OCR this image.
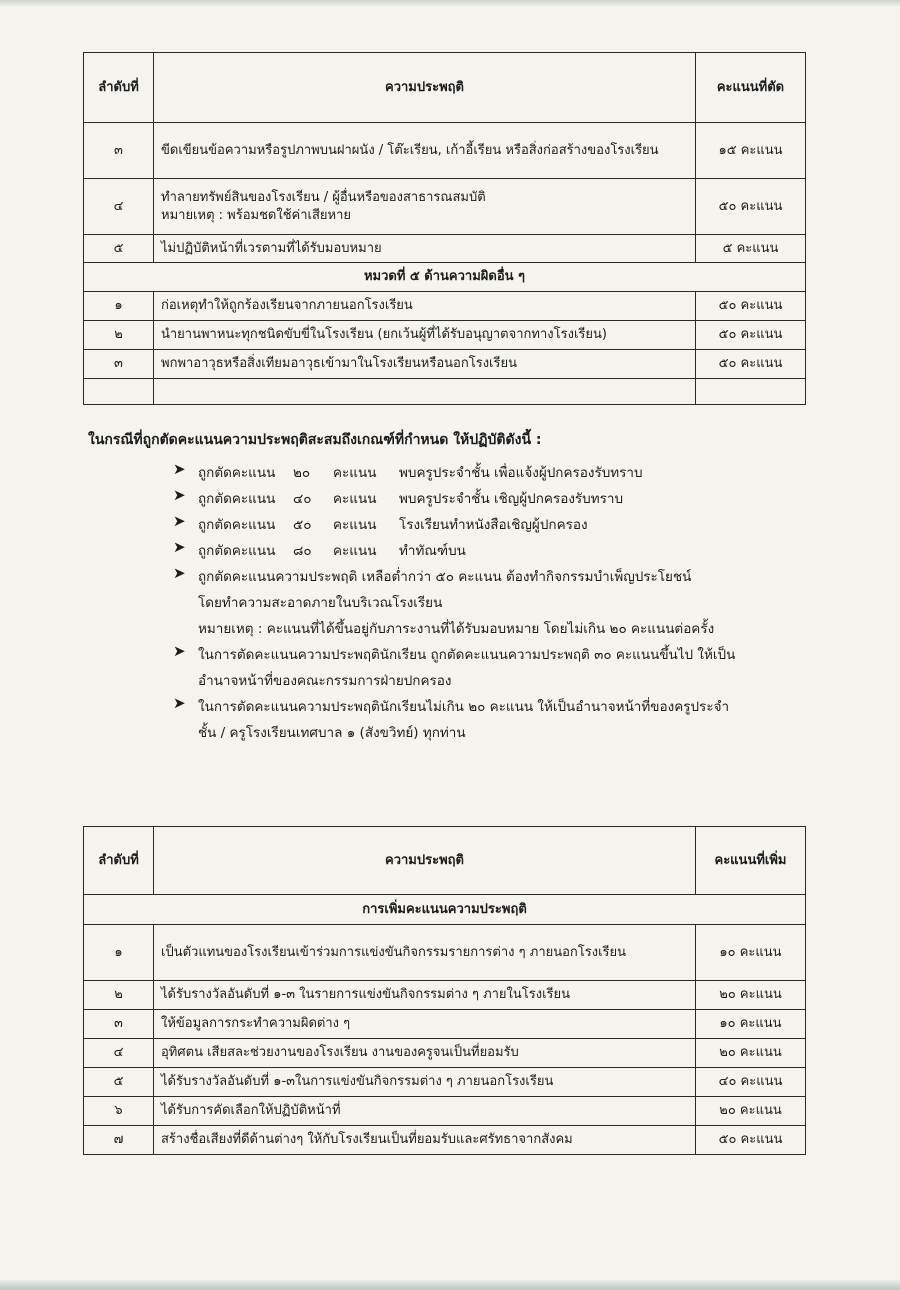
ลำดับที่	ความประพฤติ	คะแนนที่ตัด
๓	ขีดเขียนข้อความหรือรูปภาพบนฝาผนัง / โต๊ะเรียน, เก้าอี้เรียน หรือสิ่งก่อสร้างของโรงเรียน	๑๕ คะแนน
๔	ทำลายทรัพย์สินของโรงเรียน / ผู้อื่นหรือของสาธารณสมบัติ
หมายเหตุ : พร้อมชดใช้ค่าเสียหาย	๕๐ คะแนน
๕	ไม่ปฏิบัติหน้าที่เวรตามที่ได้รับมอบหมาย	๕ คะแนน
หมวดที่ ๕ ด้านความผิดอื่น ๆ		
๑	ก่อเหตุทำให้ถูกร้องเรียนจากภายนอกโรงเรียน	๕๐ คะแนน
๒	นำยานพาหนะทุกชนิดขับขี่ในโรงเรียน (ยกเว้นผู้ที่ได้รับอนุญาตจากทางโรงเรียน)	๕๐ คะแนน
๓	พกพาอาวุธหรือสิ่งเทียมอาวุธเข้ามาในโรงเรียนหรือนอกโรงเรียน	๕๐ คะแนน

ในกรณีที่ถูกตัดคะแนนความประพฤติสะสมถึงเกณฑ์ที่กำหนด ให้ปฏิบัติดังนี้ :
➤ ถูกตัดคะแนน ๒๐ คะแนน พบครูประจำชั้น เพื่อแจ้งผู้ปกครองรับทราบ
➤ ถูกตัดคะแนน ๔๐ คะแนน พบครูประจำชั้น เชิญผู้ปกครองรับทราบ
➤ ถูกตัดคะแนน ๕๐ คะแนน โรงเรียนทำหนังสือเชิญผู้ปกครอง
➤ ถูกตัดคะแนน ๘๐ คะแนน ทำทัณฑ์บน
➤ ถูกตัดคะแนนความประพฤติ เหลือต่ำกว่า ๕๐ คะแนน ต้องทำกิจกรรมบำเพ็ญประโยชน์
โดยทำความสะอาดภายในบริเวณโรงเรียน
หมายเหตุ : คะแนนที่ได้ขึ้นอยู่กับภาระงานที่ได้รับมอบหมาย โดยไม่เกิน ๒๐ คะแนนต่อครั้ง
➤ ในการตัดคะแนนความประพฤตินักเรียน ถูกตัดคะแนนความประพฤติ ๓๐ คะแนนขึ้นไป ให้เป็น
อำนาจหน้าที่ของคณะกรรมการฝ่ายปกครอง
➤ ในการตัดคะแนนความประพฤตินักเรียนไม่เกิน ๒๐ คะแนน ให้เป็นอำนาจหน้าที่ของครูประจำ
ชั้น / ครูโรงเรียนเทศบาล ๑ (สังขวิทย์) ทุกท่าน
ลำดับที่	ความประพฤติ	คะแนนที่เพิ่ม
การเพิ่มคะแนนความประพฤติ		
๑	เป็นตัวแทนของโรงเรียนเข้าร่วมการแข่งขันกิจกรรมรายการต่าง ๆ ภายนอกโรงเรียน	๑๐ คะแนน
๒	ได้รับรางวัลอันดับที่ ๑-๓ ในรายการแข่งขันกิจกรรมต่าง ๆ ภายในโรงเรียน	๒๐ คะแนน
๓	ให้ข้อมูลการกระทำความผิดต่าง ๆ	๑๐ คะแนน
๔	อุทิศตน เสียสละช่วยงานของโรงเรียน งานของครูจนเป็นที่ยอมรับ	๒๐ คะแนน
๕	ได้รับรางวัลอันดับที่ ๑-๓ในการแข่งขันกิจกรรมต่าง ๆ ภายนอกโรงเรียน	๔๐ คะแนน
๖	ได้รับการคัดเลือกให้ปฏิบัติหน้าที่	๒๐ คะแนน
๗	สร้างชื่อเสียงที่ดีด้านต่างๆ ให้กับโรงเรียนเป็นที่ยอมรับและศรัทธาจากสังคม	๕๐ คะแนน
